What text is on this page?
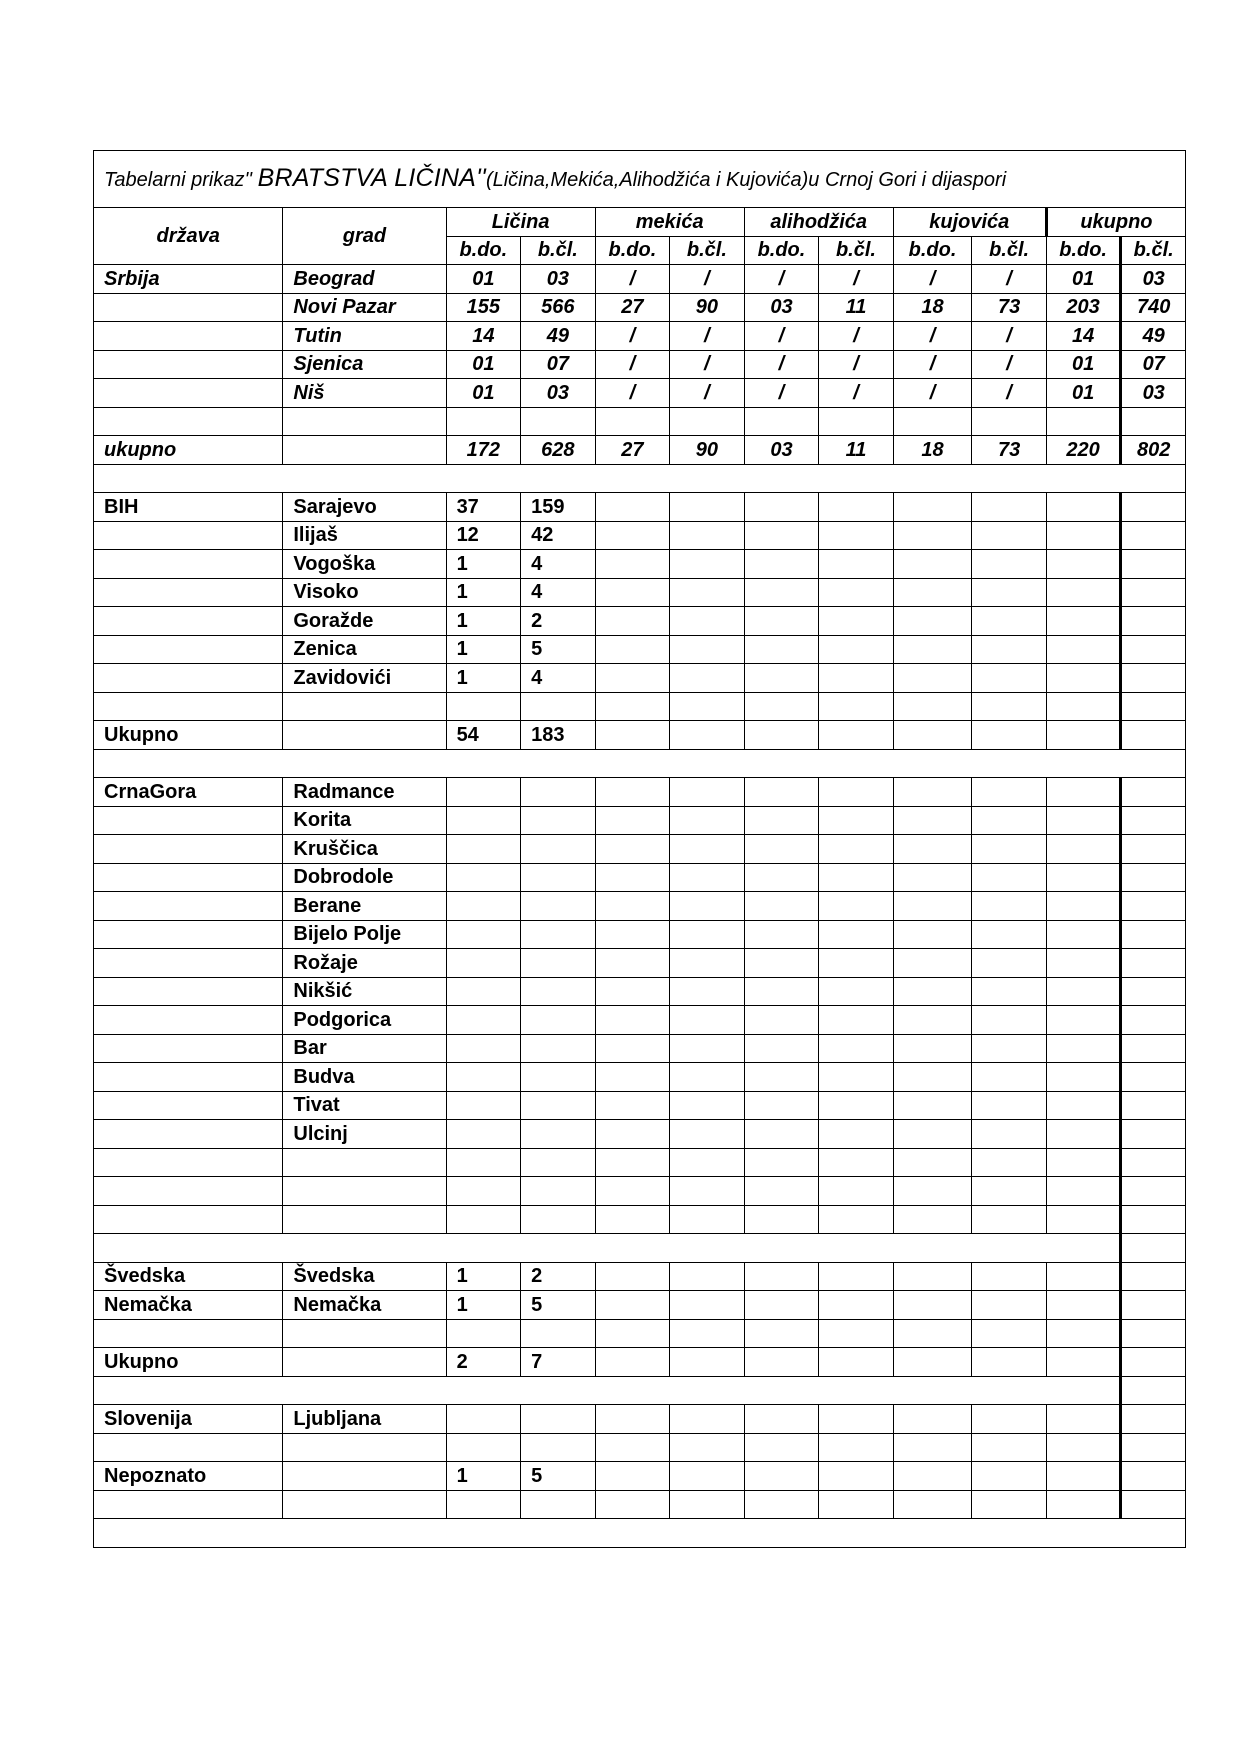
Tabelarni prikaz'' BRATSTVA LIČINA''(Ličina,Mekića,Alihodžića i Kujovića)u Crnoj Gori i dijaspori											
država	grad	Ličina		mekića		alihodžića		kujovića		ukupno	
		b.do.	b.čl.	b.do.	b.čl.	b.do.	b.čl.	b.do.	b.čl.	b.do.	b.čl.
Srbija	Beograd	01	03	/	/	/	/	/	/	01	03
	Novi Pazar	155	566	27	90	03	11	18	73	203	740
	Tutin	14	49	/	/	/	/	/	/	14	49
	Sjenica	01	07	/	/	/	/	/	/	01	07
	Niš	01	03	/	/	/	/	/	/	01	03

ukupno		172	628	27	90	03	11	18	73	220	802

BIH	Sarajevo	37	159								
	Ilijaš	12	42								
	Vogoška	1	4								
	Visoko	1	4								
	Goražde	1	2								
	Zenica	1	5								
	Zavidovići	1	4								

Ukupno		54	183								

CrnaGora	Radmance										
	Korita										
	Kruščica										
	Dobrodole										
	Berane										
	Bijelo Polje										
	Rožaje										
	Nikšić										
	Podgorica										
	Bar										
	Budva										
	Tivat										
	Ulcinj										

Švedska	Švedska	1	2								
Nemačka	Nemačka	1	5								

Ukupno		2	7								

Slovenija	Ljubljana										

Nepoznato		1	5								
